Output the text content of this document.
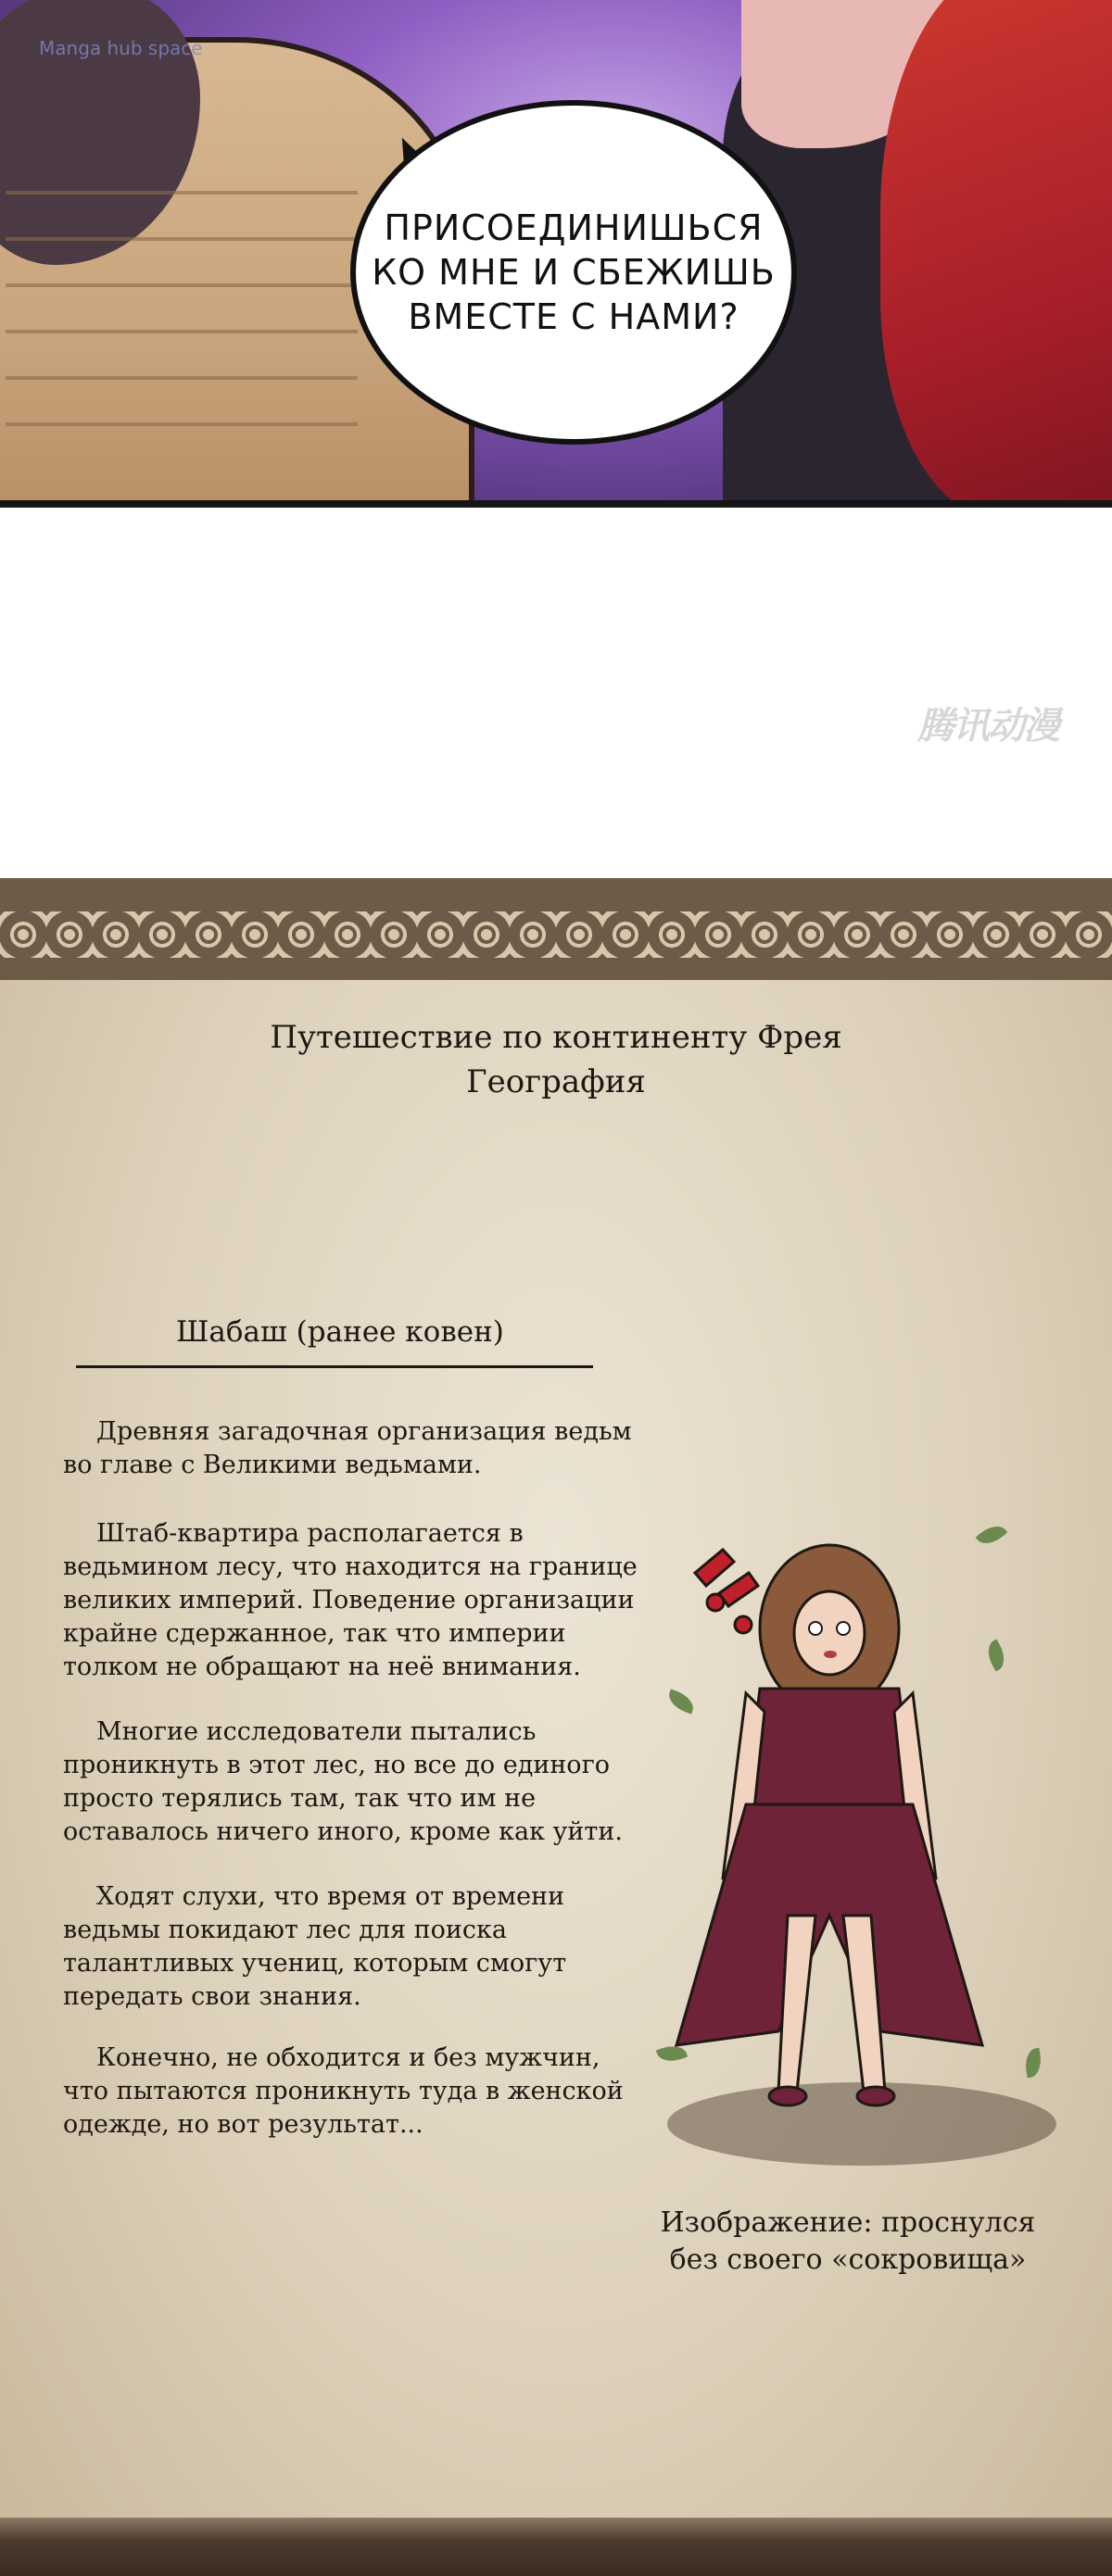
Manga hub space
ПРИСОЕДИНИШЬСЯ
КО МНЕ И СБЕЖИШЬ
ВМЕСТЕ С НАМИ?
腾讯动漫
Путешествие по континенту Фрея
География
Шабаш (ранее ковен)

Древняя загадочная организация ведьм во главе с Великими ведьмами.

Штаб-квартира располагается в ведьмином лесу, что находится на границе великих империй. Поведение организации крайне сдержанное, так что империи толком не обращают на неё внимания.

Многие исследователи пытались проникнуть в этот лес, но все до единого просто терялись там, так что им не оставалось ничего иного, кроме как уйти.

Ходят слухи, что время от времени ведьмы покидают лес для поиска талантливых учениц, которым смогут передать свои знания.

Конечно, не обходится и без мужчин, что пытаются проникнуть туда в женской одежде, но вот результат...

Изображение: проснулся
без своего «сокровища»
